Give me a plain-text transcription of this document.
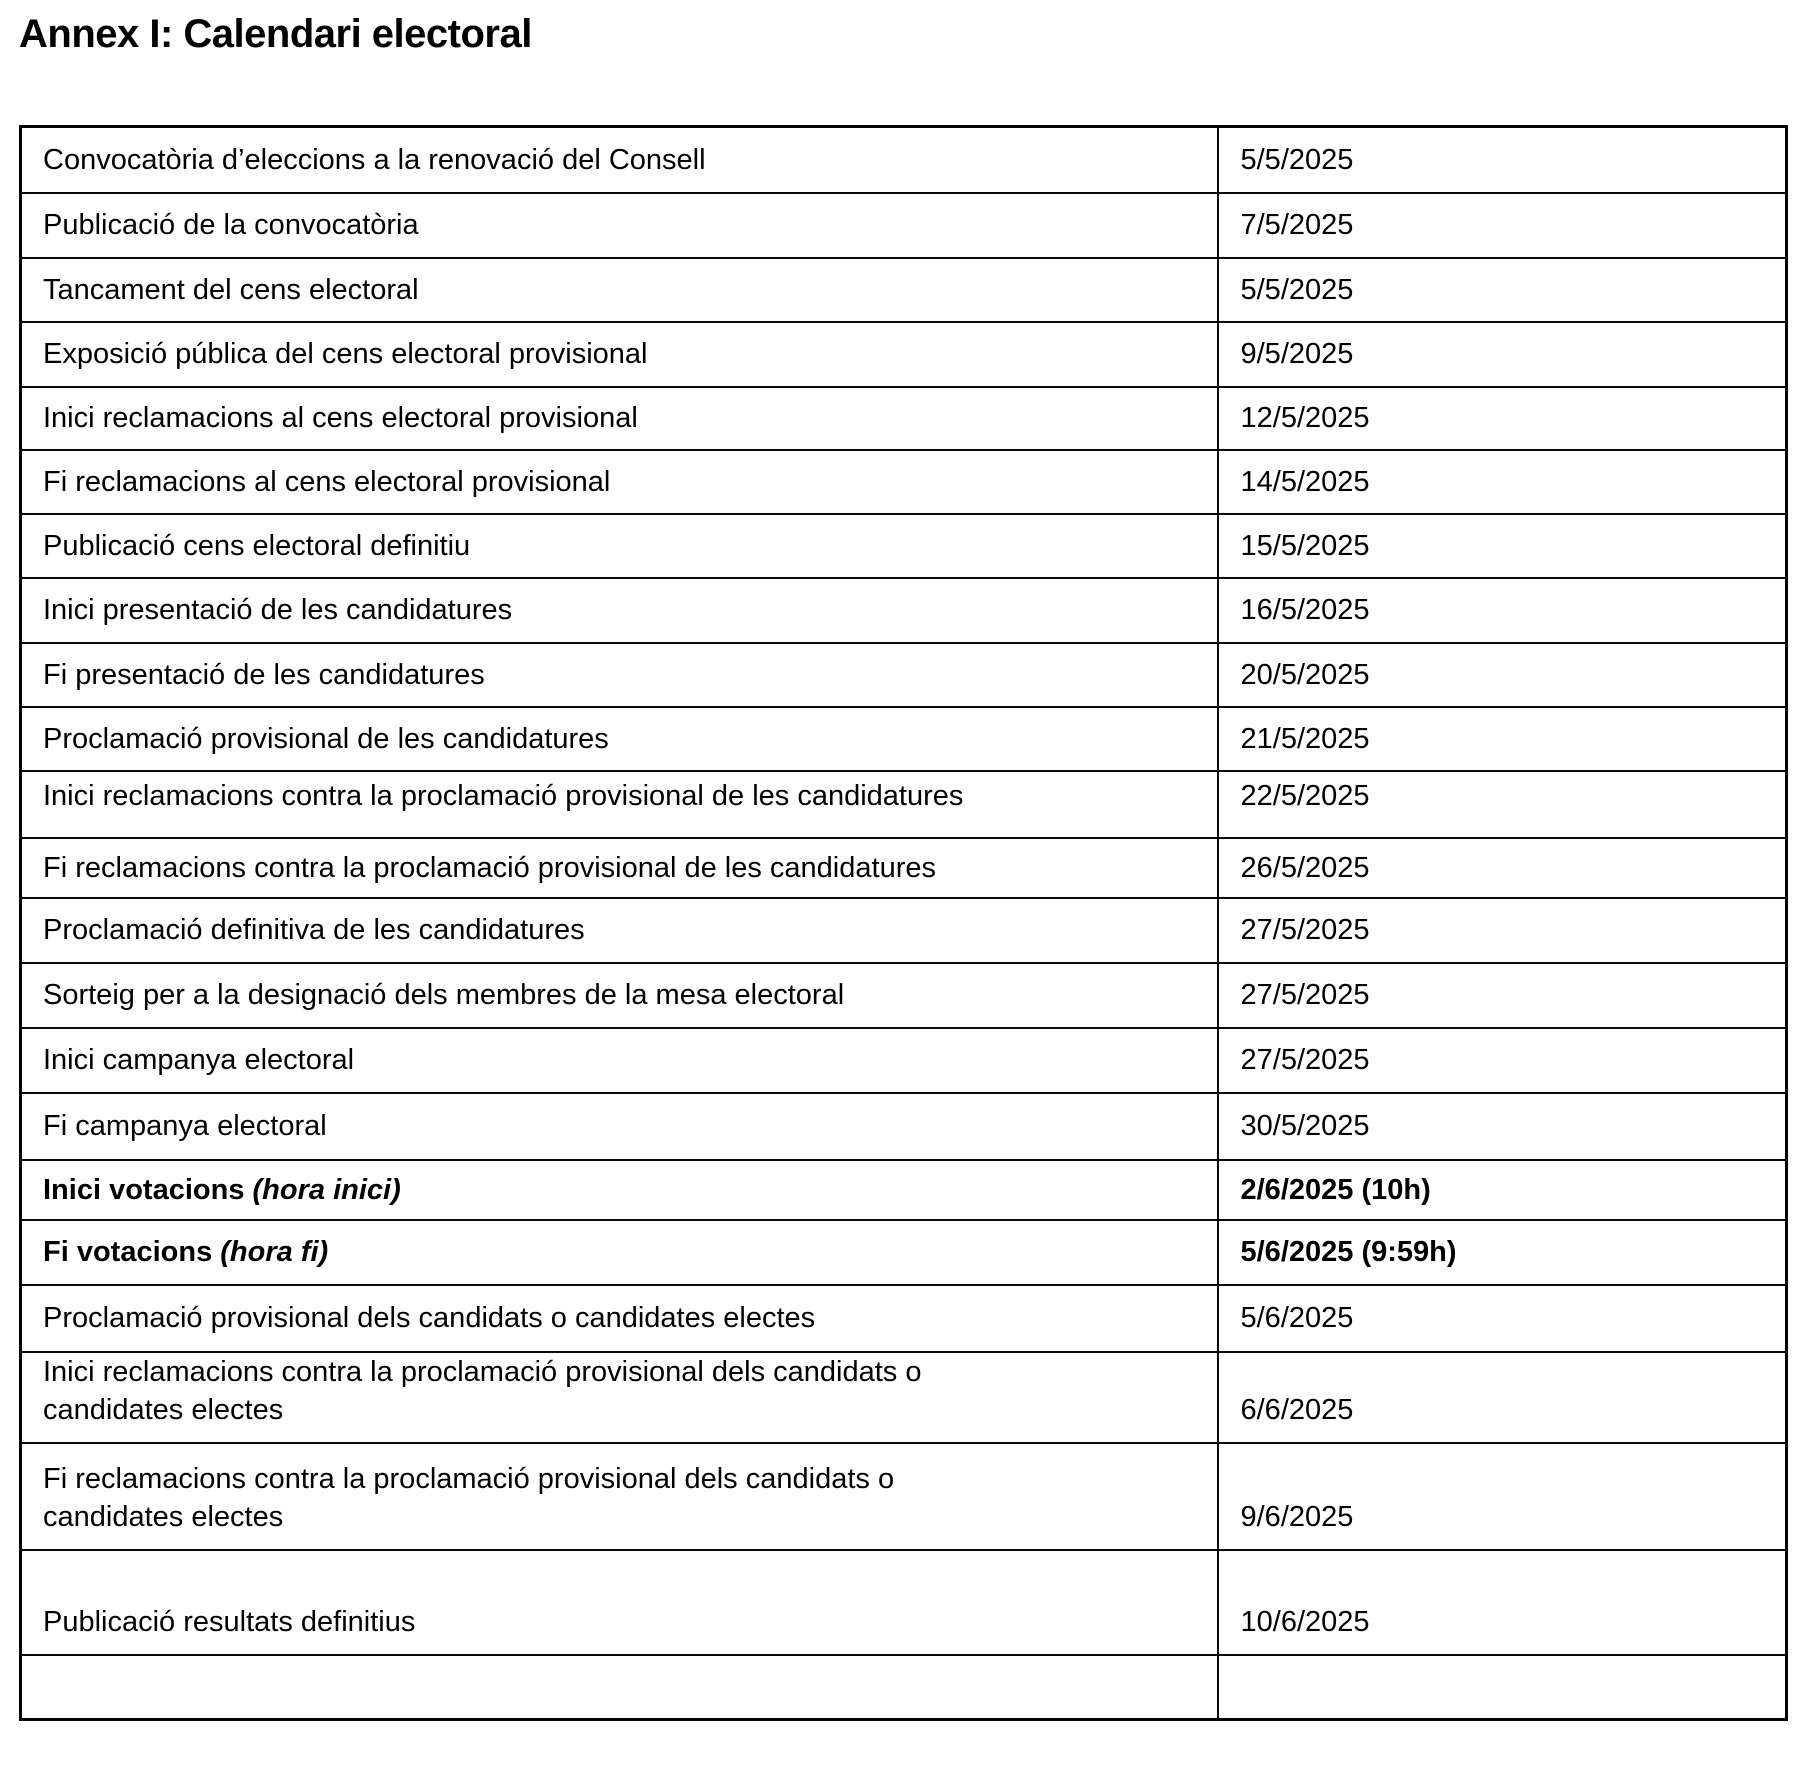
Annex I: Calendari electoral
Convocatòria d’eleccions a la renovació del Consell	5/5/2025
Publicació de la convocatòria	7/5/2025
Tancament del cens electoral	5/5/2025
Exposició pública del cens electoral provisional	9/5/2025
Inici reclamacions al cens electoral provisional	12/5/2025
Fi reclamacions al cens electoral provisional	14/5/2025
Publicació cens electoral definitiu	15/5/2025
Inici presentació de les candidatures	16/5/2025
Fi presentació de les candidatures	20/5/2025
Proclamació provisional de les candidatures	21/5/2025
Inici reclamacions contra la proclamació provisional de les candidatures	22/5/2025
Fi reclamacions contra la proclamació provisional de les candidatures	26/5/2025
Proclamació definitiva de les candidatures	27/5/2025
Sorteig per a la designació dels membres de la mesa electoral	27/5/2025
Inici campanya electoral	27/5/2025
Fi campanya electoral	30/5/2025
Inici votacions (hora inici)	2/6/2025 (10h)
Fi votacions (hora fi)	5/6/2025 (9:59h)
Proclamació provisional dels candidats o candidates electes	5/6/2025

Inici reclamacions contra la proclamació provisional dels candidats o candidates electes	6/6/2025

Fi reclamacions contra la proclamació provisional dels candidats o candidates electes	9/6/2025
Publicació resultats definitius	10/6/2025
